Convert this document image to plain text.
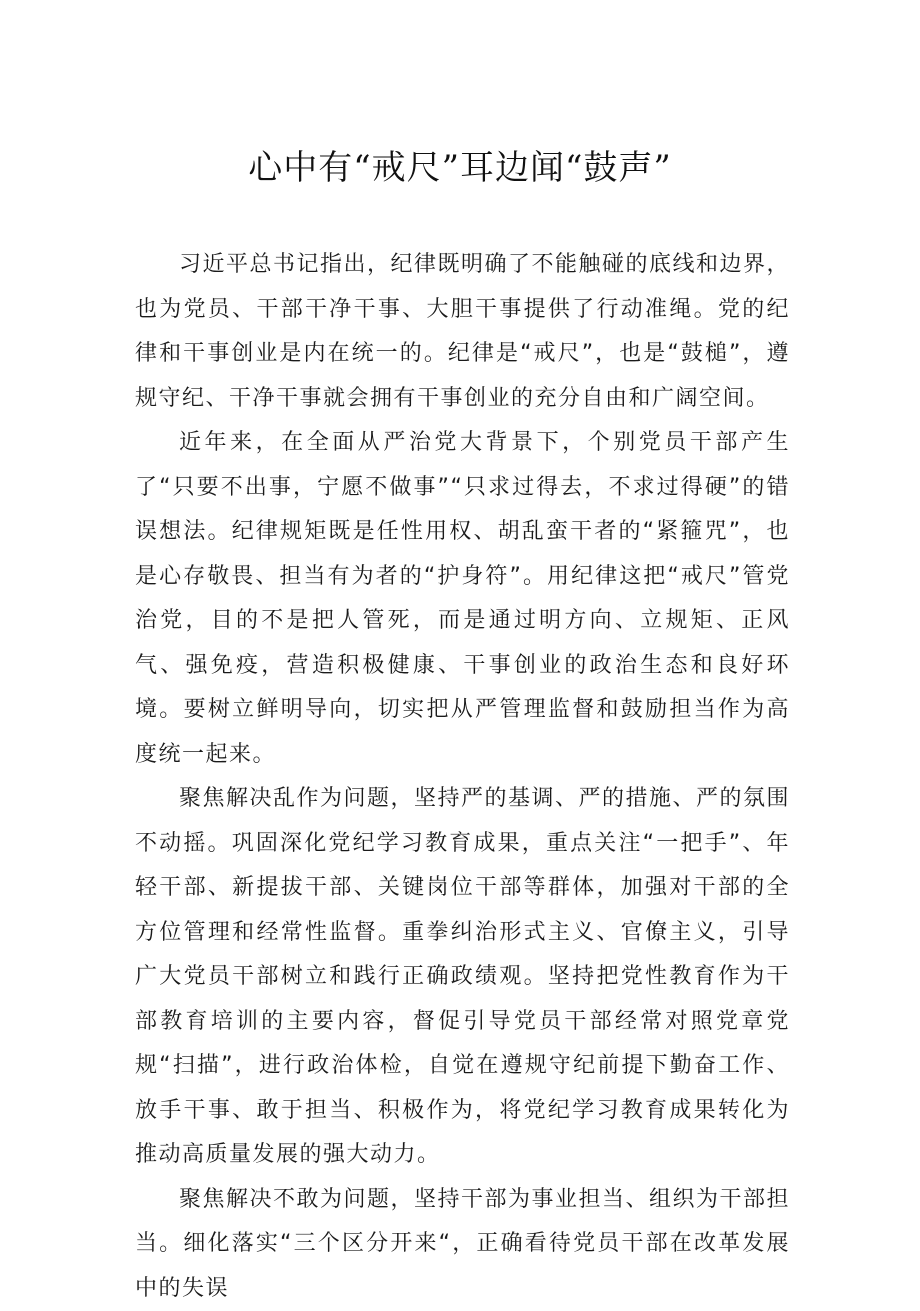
心中有“戒尺”耳边闻“鼓声”

习近平总书记指出，纪律既明确了不能触碰的底线和边界，也为党员、干部干净干事、大胆干事提供了行动准绳。党的纪律和干事创业是内在统一的。纪律是“戒尺”，也是“鼓槌”，遵规守纪、干净干事就会拥有干事创业的充分自由和广阔空间。

近年来，在全面从严治党大背景下，个别党员干部产生了“只要不出事，宁愿不做事”“只求过得去，不求过得硬”的错误想法。纪律规矩既是任性用权、胡乱蛮干者的“紧箍咒”，也是心存敬畏、担当有为者的“护身符”。用纪律这把“戒尺”管党治党，目的不是把人管死，而是通过明方向、立规矩、正风气、强免疫，营造积极健康、干事创业的政治生态和良好环境。要树立鲜明导向，切实把从严管理监督和鼓励担当作为高度统一起来。

聚焦解决乱作为问题，坚持严的基调、严的措施、严的氛围不动摇。巩固深化党纪学习教育成果，重点关注“一把手”、年轻干部、新提拔干部、关键岗位干部等群体，加强对干部的全方位管理和经常性监督。重拳纠治形式主义、官僚主义，引导广大党员干部树立和践行正确政绩观。坚持把党性教育作为干部教育培训的主要内容，督促引导党员干部经常对照党章党规“扫描”，进行政治体检，自觉在遵规守纪前提下勤奋工作、放手干事、敢于担当、积极作为，将党纪学习教育成果转化为推动高质量发展的强大动力。

聚焦解决不敢为问题，坚持干部为事业担当、组织为干部担当。细化落实“三个区分开来“，正确看待党员干部在改革发展中的失误
